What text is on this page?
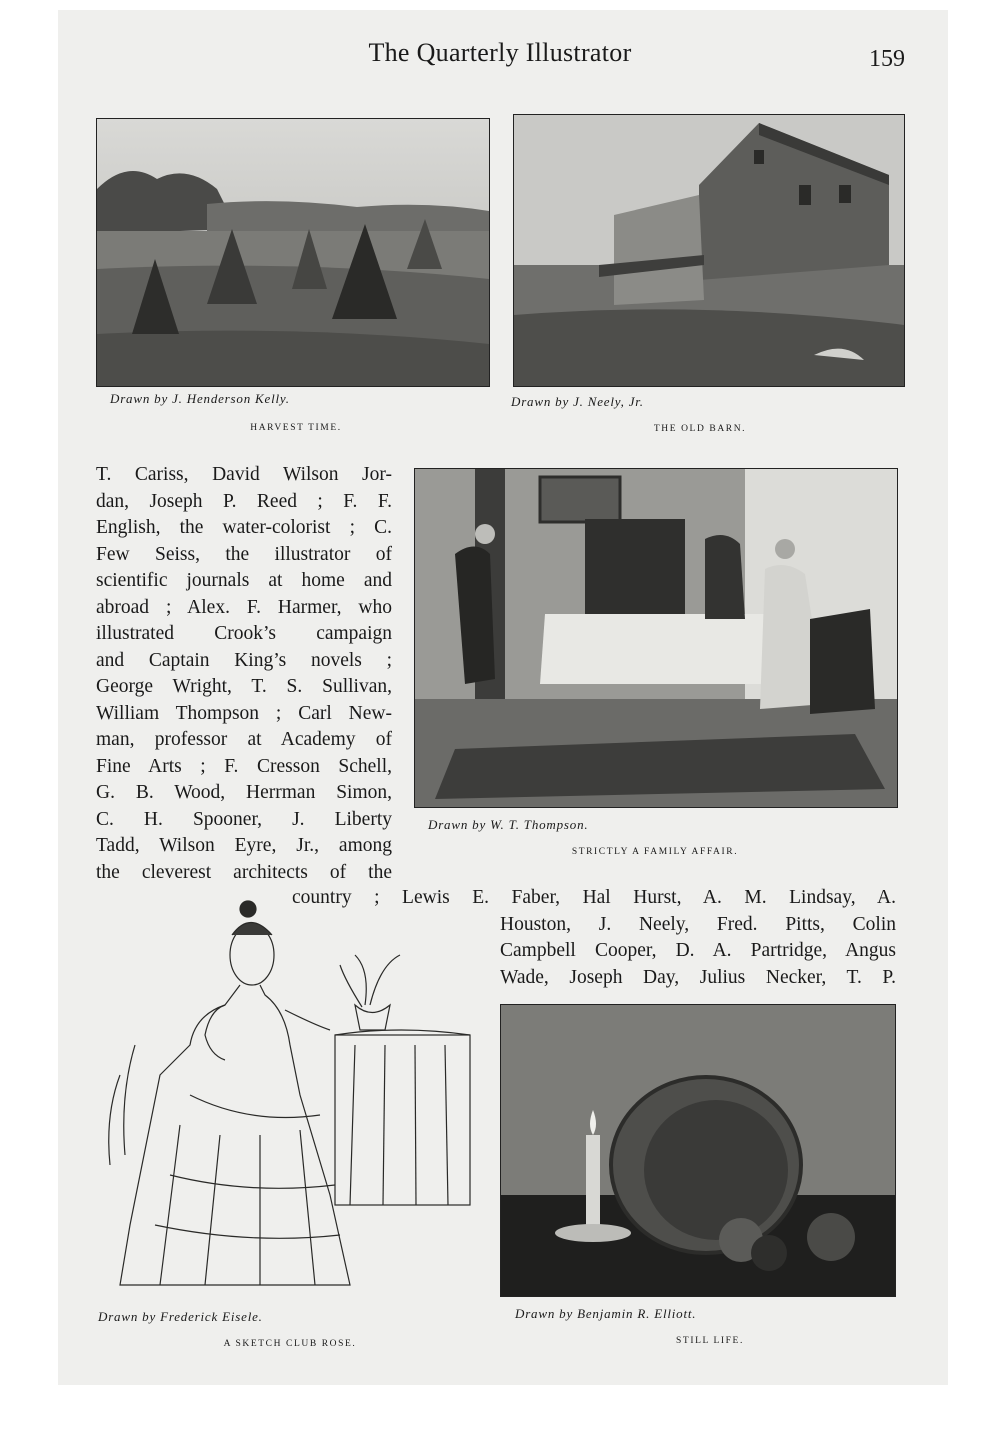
The Quarterly Illustrator	159
Drawn by J. Henderson Kelly.
HARVEST TIME.
Drawn by J. Neely, Jr.
THE OLD BARN.
Drawn by W. T. Thompson.
STRICTLY A FAMILY AFFAIR.
T. Cariss, David Wilson Jor-
dan, Joseph P. Reed ; F. F.
English, the water-colorist ; C.
Few Seiss, the illustrator of
scientific journals at home and
abroad ; Alex. F. Harmer, who
illustrated Crook’s campaign
and Captain King’s novels ;
George Wright, T. S. Sullivan,
William Thompson ; Carl New-
man, professor at Academy of
Fine Arts ; F. Cresson Schell,
G. B. Wood, Herrman Simon,
C. H. Spooner, J. Liberty
Tadd, Wilson Eyre, Jr., among
the cleverest architects of the
country ; Lewis E. Faber, Hal Hurst, A. M. Lindsay, A.
Houston, J. Neely, Fred. Pitts, Colin
Campbell Cooper, D. A. Partridge, Angus
Wade, Joseph Day, Julius Necker, T. P.
Drawn by Frederick Eisele.
A SKETCH CLUB ROSE.
Drawn by Benjamin R. Elliott.
STILL LIFE.
